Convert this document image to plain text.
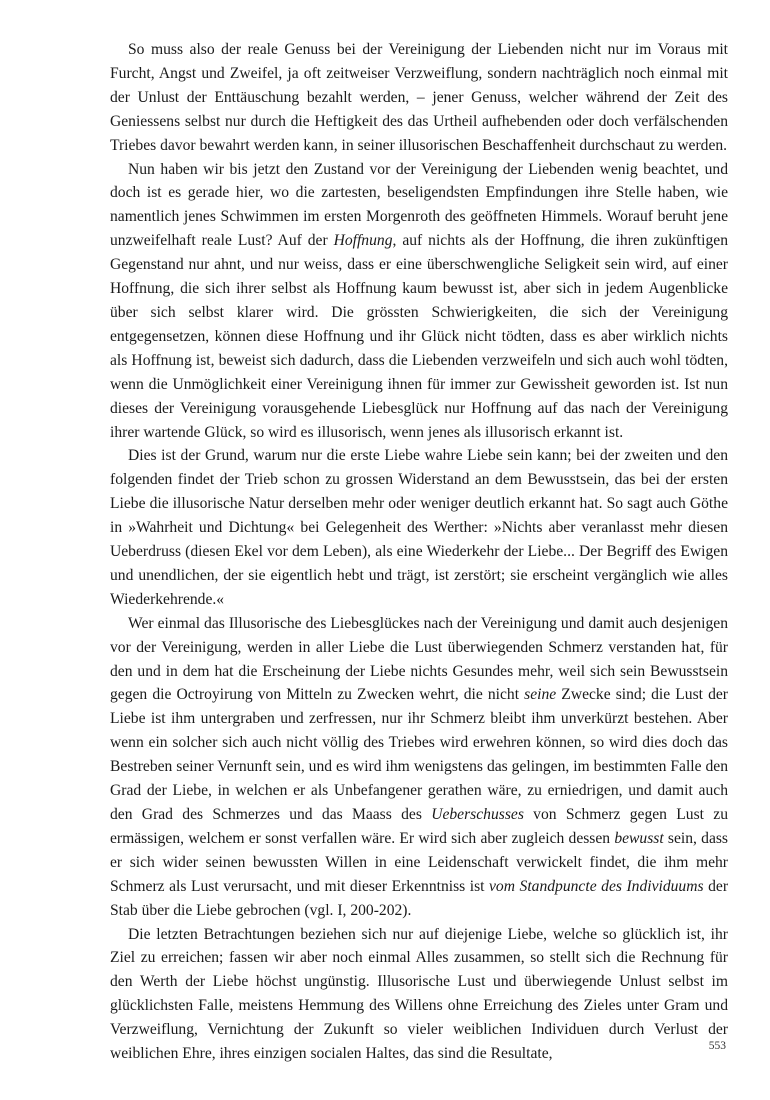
So muss also der reale Genuss bei der Vereinigung der Liebenden nicht nur im Voraus mit Furcht, Angst und Zweifel, ja oft zeitweiser Verzweiflung, sondern nachträglich noch einmal mit der Unlust der Enttäuschung bezahlt werden, – jener Genuss, welcher während der Zeit des Geniessens selbst nur durch die Heftigkeit des das Urtheil aufhebenden oder doch verfälschenden Triebes davor bewahrt werden kann, in seiner illusorischen Beschaffenheit durchschaut zu werden.

Nun haben wir bis jetzt den Zustand vor der Vereinigung der Liebenden wenig beachtet, und doch ist es gerade hier, wo die zartesten, beseligendsten Empfindungen ihre Stelle haben, wie namentlich jenes Schwimmen im ersten Morgenroth des geöffneten Himmels. Worauf beruht jene unzweifelhaft reale Lust? Auf der Hoffnung, auf nichts als der Hoffnung, die ihren zukünftigen Gegenstand nur ahnt, und nur weiss, dass er eine überschwengliche Seligkeit sein wird, auf einer Hoffnung, die sich ihrer selbst als Hoffnung kaum bewusst ist, aber sich in jedem Augenblicke über sich selbst klarer wird. Die grössten Schwierigkeiten, die sich der Vereinigung entgegensetzen, können diese Hoffnung und ihr Glück nicht tödten, dass es aber wirklich nichts als Hoffnung ist, beweist sich dadurch, dass die Liebenden verzweifeln und sich auch wohl tödten, wenn die Unmöglichkeit einer Vereinigung ihnen für immer zur Gewissheit geworden ist. Ist nun dieses der Vereinigung vorausgehende Liebesglück nur Hoffnung auf das nach der Vereinigung ihrer wartende Glück, so wird es illusorisch, wenn jenes als illusorisch erkannt ist.

Dies ist der Grund, warum nur die erste Liebe wahre Liebe sein kann; bei der zweiten und den folgenden findet der Trieb schon zu grossen Widerstand an dem Bewusstsein, das bei der ersten Liebe die illusorische Natur derselben mehr oder weniger deutlich erkannt hat. So sagt auch Göthe in »Wahrheit und Dichtung« bei Gelegenheit des Werther: »Nichts aber veranlasst mehr diesen Ueberdruss (diesen Ekel vor dem Leben), als eine Wiederkehr der Liebe... Der Begriff des Ewigen und unendlichen, der sie eigentlich hebt und trägt, ist zerstört; sie erscheint vergänglich wie alles Wiederkehrende.«

Wer einmal das Illusorische des Liebesglückes nach der Vereinigung und damit auch desjenigen vor der Vereinigung, werden in aller Liebe die Lust überwiegenden Schmerz verstanden hat, für den und in dem hat die Erscheinung der Liebe nichts Gesundes mehr, weil sich sein Bewusstsein gegen die Octroyirung von Mitteln zu Zwecken wehrt, die nicht seine Zwecke sind; die Lust der Liebe ist ihm untergraben und zerfressen, nur ihr Schmerz bleibt ihm unverkürzt bestehen. Aber wenn ein solcher sich auch nicht völlig des Triebes wird erwehren können, so wird dies doch das Bestreben seiner Vernunft sein, und es wird ihm wenigstens das gelingen, im bestimmten Falle den Grad der Liebe, in welchen er als Unbefangener gerathen wäre, zu erniedrigen, und damit auch den Grad des Schmerzes und das Maass des Ueberschusses von Schmerz gegen Lust zu ermässigen, welchem er sonst verfallen wäre. Er wird sich aber zugleich dessen bewusst sein, dass er sich wider seinen bewussten Willen in eine Leidenschaft verwickelt findet, die ihm mehr Schmerz als Lust verursacht, und mit dieser Erkenntniss ist vom Standpuncte des Individuums der Stab über die Liebe gebrochen (vgl. I, 200-202).

Die letzten Betrachtungen beziehen sich nur auf diejenige Liebe, welche so glücklich ist, ihr Ziel zu erreichen; fassen wir aber noch einmal Alles zusammen, so stellt sich die Rechnung für den Werth der Liebe höchst ungünstig. Illusorische Lust und überwiegende Unlust selbst im glücklichsten Falle, meistens Hemmung des Willens ohne Erreichung des Zieles unter Gram und Verzweiflung, Vernichtung der Zukunft so vieler weiblichen Individuen durch Verlust der weiblichen Ehre, ihres einzigen socialen Haltes, das sind die Resultate,	553
